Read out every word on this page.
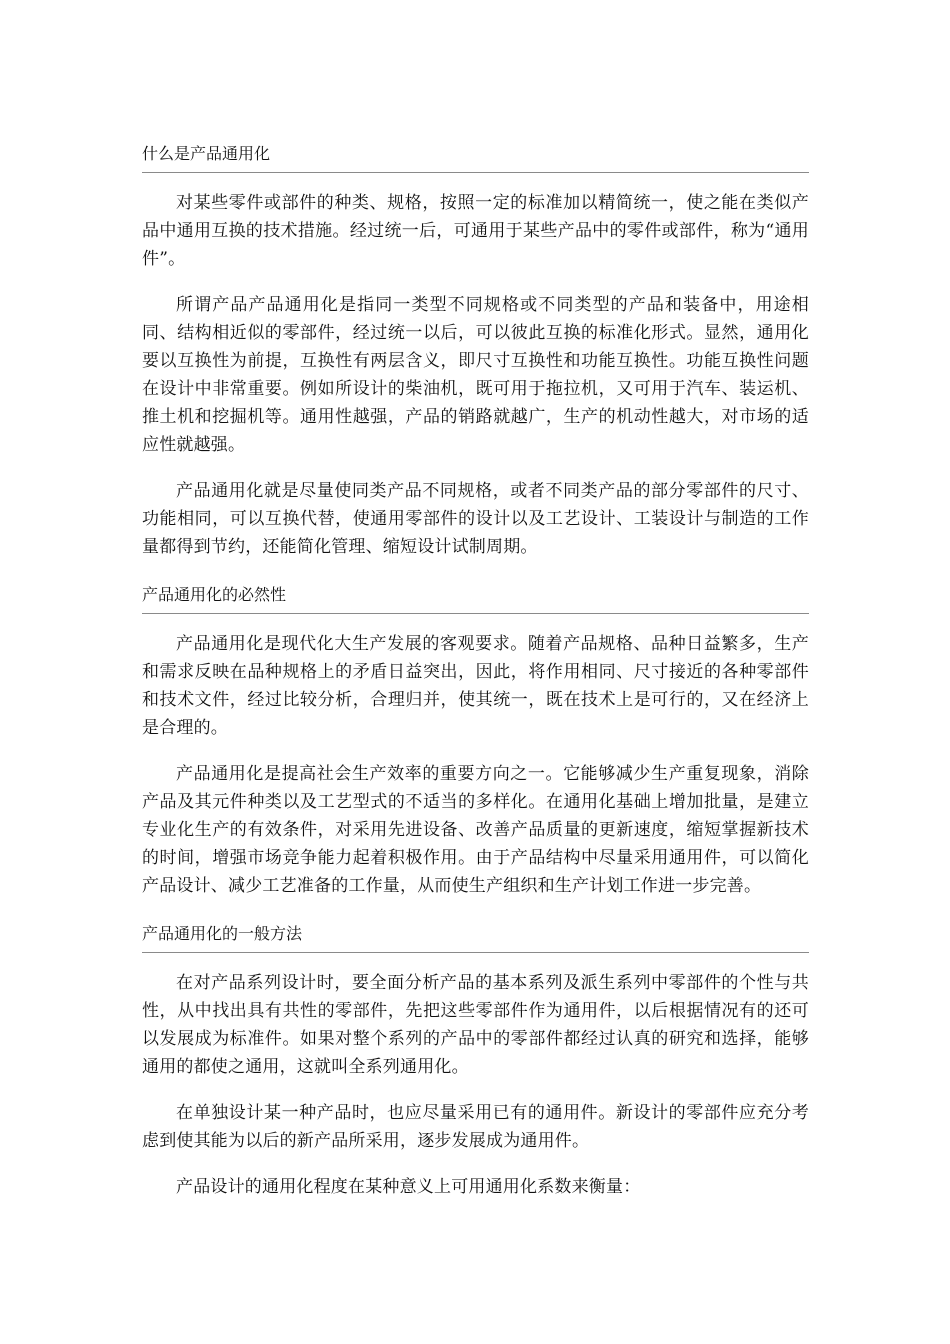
什么是产品通用化

对某些零件或部件的种类、规格，按照一定的标准加以精简统一，使之能在类似产品中通用互换的技术措施。经过统一后，可通用于某些产品中的零件或部件，称为“通用件”。

所谓产品产品通用化是指同一类型不同规格或不同类型的产品和装备中，用途相同、结构相近似的零部件，经过统一以后，可以彼此互换的标准化形式。显然，通用化要以互换性为前提，互换性有两层含义，即尺寸互换性和功能互换性。功能互换性问题在设计中非常重要。例如所设计的柴油机，既可用于拖拉机，又可用于汽车、装运机、推土机和挖掘机等。通用性越强，产品的销路就越广，生产的机动性越大，对市场的适应性就越强。

产品通用化就是尽量使同类产品不同规格，或者不同类产品的部分零部件的尺寸、功能相同，可以互换代替，使通用零部件的设计以及工艺设计、工装设计与制造的工作量都得到节约，还能简化管理、缩短设计试制周期。

产品通用化的必然性

产品通用化是现代化大生产发展的客观要求。随着产品规格、品种日益繁多，生产和需求反映在品种规格上的矛盾日益突出，因此，将作用相同、尺寸接近的各种零部件和技术文件，经过比较分析，合理归并，使其统一，既在技术上是可行的，又在经济上是合理的。

产品通用化是提高社会生产效率的重要方向之一。它能够减少生产重复现象，消除产品及其元件种类以及工艺型式的不适当的多样化。在通用化基础上增加批量，是建立专业化生产的有效条件，对采用先进设备、改善产品质量的更新速度，缩短掌握新技术的时间，增强市场竞争能力起着积极作用。由于产品结构中尽量采用通用件，可以简化产品设计、减少工艺准备的工作量，从而使生产组织和生产计划工作进一步完善。

产品通用化的一般方法

在对产品系列设计时，要全面分析产品的基本系列及派生系列中零部件的个性与共性，从中找出具有共性的零部件，先把这些零部件作为通用件，以后根据情况有的还可以发展成为标准件。如果对整个系列的产品中的零部件都经过认真的研究和选择，能够通用的都使之通用，这就叫全系列通用化。

在单独设计某一种产品时，也应尽量采用已有的通用件。新设计的零部件应充分考虑到使其能为以后的新产品所采用，逐步发展成为通用件。

产品设计的通用化程度在某种意义上可用通用化系数来衡量：
